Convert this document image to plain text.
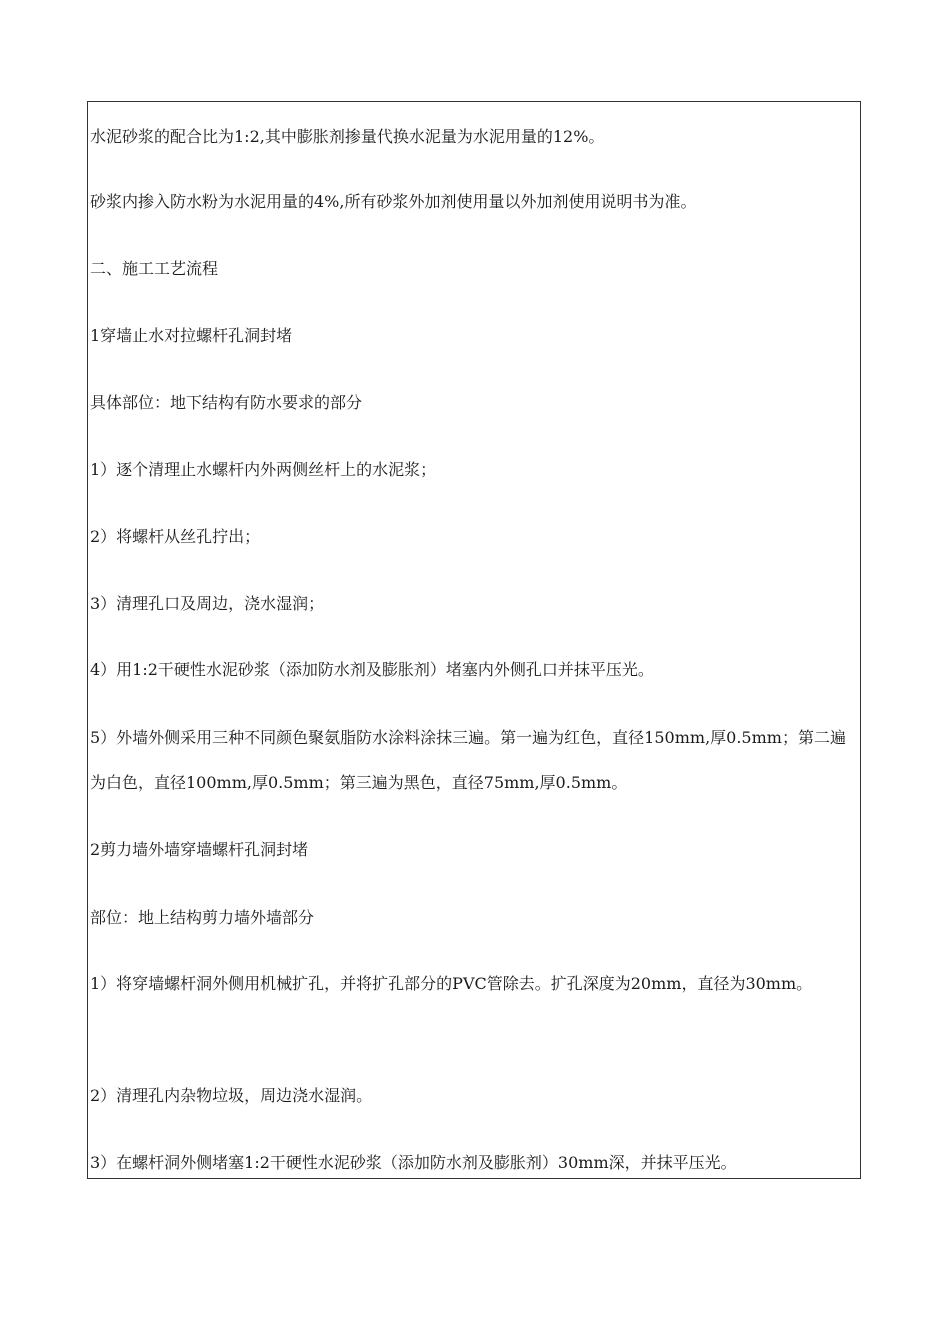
水泥砂浆的配合比为1:2,其中膨胀剂掺量代换水泥量为水泥用量的12%。
砂浆内掺入防水粉为水泥用量的4%,所有砂浆外加剂使用量以外加剂使用说明书为准。
二、施工工艺流程
1穿墙止水对拉螺杆孔洞封堵
具体部位：地下结构有防水要求的部分
1）逐个清理止水螺杆内外两侧丝杆上的水泥浆；
2）将螺杆从丝孔拧出；
3）清理孔口及周边，浇水湿润；
4）用1:2干硬性水泥砂浆（添加防水剂及膨胀剂）堵塞内外侧孔口并抹平压光。
5）外墙外侧采用三种不同颜色聚氨脂防水涂料涂抹三遍。第一遍为红色，直径150mm,厚0.5mm；第二遍为白色，直径100mm,厚0.5mm；第三遍为黑色，直径75mm,厚0.5mm。
2剪力墙外墙穿墙螺杆孔洞封堵
部位：地上结构剪力墙外墙部分
1）将穿墙螺杆洞外侧用机械扩孔，并将扩孔部分的PVC管除去。扩孔深度为20mm，直径为30mm。
2）清理孔内杂物垃圾，周边浇水湿润。
3）在螺杆洞外侧堵塞1:2干硬性水泥砂浆（添加防水剂及膨胀剂）30mm深，并抹平压光。
